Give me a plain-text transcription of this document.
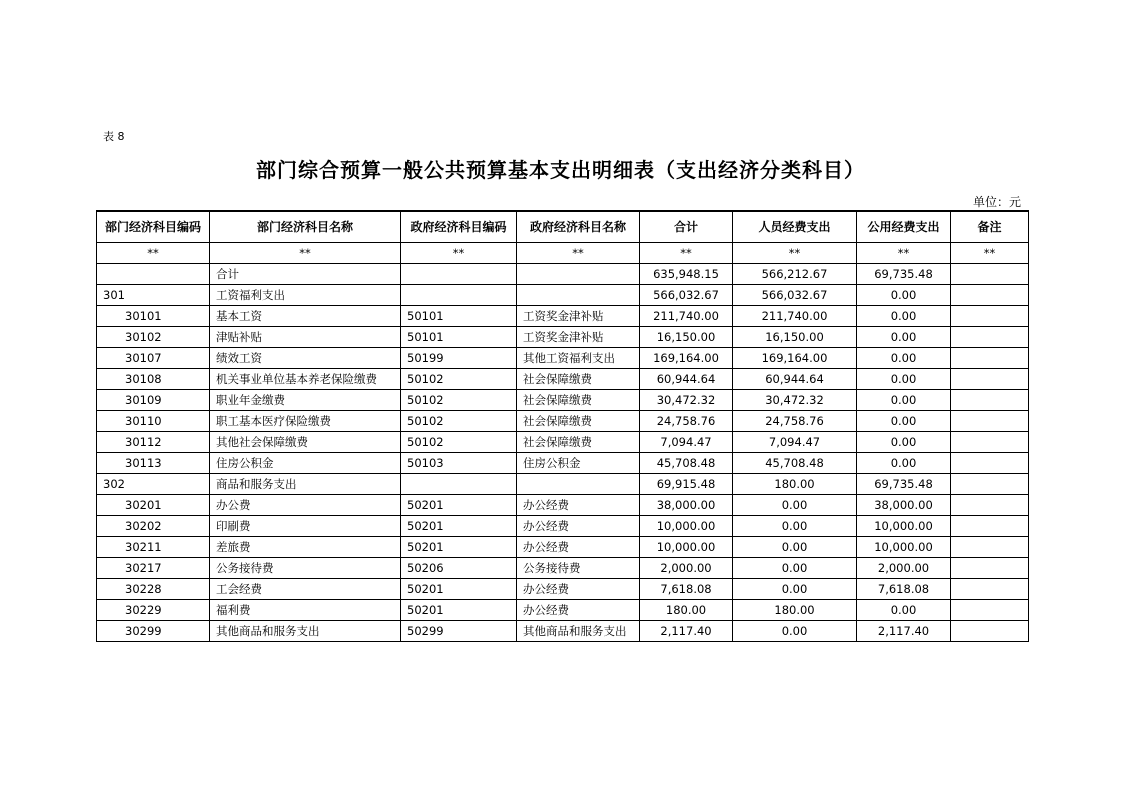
表 8
部门综合预算一般公共预算基本支出明细表（支出经济分类科目）
单位：元
部门经济科目编码	部门经济科目名称	政府经济科目编码	政府经济科目名称	合计	人员经费支出	公用经费支出	备注
**	**	**	**	**	**	**	**
	合计			635,948.15	566,212.67	69,735.48	
301	工资福利支出			566,032.67	566,032.67	0.00	
30101	基本工资	50101	工资奖金津补贴	211,740.00	211,740.00	0.00	
30102	津贴补贴	50101	工资奖金津补贴	16,150.00	16,150.00	0.00	
30107	绩效工资	50199	其他工资福利支出	169,164.00	169,164.00	0.00	
30108	机关事业单位基本养老保险缴费	50102	社会保障缴费	60,944.64	60,944.64	0.00	
30109	职业年金缴费	50102	社会保障缴费	30,472.32	30,472.32	0.00	
30110	职工基本医疗保险缴费	50102	社会保障缴费	24,758.76	24,758.76	0.00	
30112	其他社会保障缴费	50102	社会保障缴费	7,094.47	7,094.47	0.00	
30113	住房公积金	50103	住房公积金	45,708.48	45,708.48	0.00	
302	商品和服务支出			69,915.48	180.00	69,735.48	
30201	办公费	50201	办公经费	38,000.00	0.00	38,000.00	
30202	印刷费	50201	办公经费	10,000.00	0.00	10,000.00	
30211	差旅费	50201	办公经费	10,000.00	0.00	10,000.00	
30217	公务接待费	50206	公务接待费	2,000.00	0.00	2,000.00	
30228	工会经费	50201	办公经费	7,618.08	0.00	7,618.08	
30229	福利费	50201	办公经费	180.00	180.00	0.00	
30299	其他商品和服务支出	50299	其他商品和服务支出	2,117.40	0.00	2,117.40	
